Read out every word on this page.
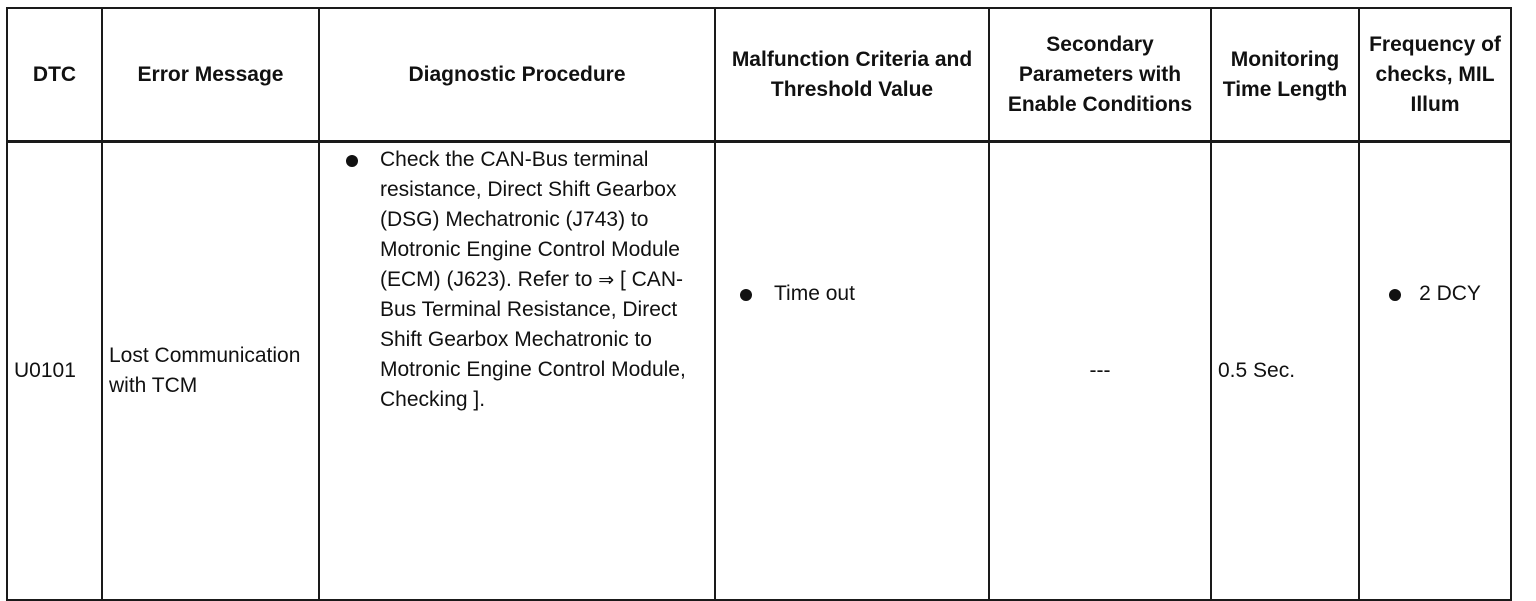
DTC	Error Message	Diagnostic Procedure	Malfunction Criteria and Threshold Value	Secondary Parameters with Enable Conditions	Monitoring Time Length	Frequency of checks, MIL Illum
U0101	Lost Communication with TCM	Check the CAN-Bus terminal resistance, Direct Shift Gearbox (DSG) Mechatronic (J743) to Motronic Engine Control Module (ECM) (J623). Refer to ⇒ [ CAN-Bus Terminal Resistance, Direct Shift Gearbox Mechatronic to Motronic Engine Control Module, Checking ].	Time out	---	0.5 Sec.	2 DCY
